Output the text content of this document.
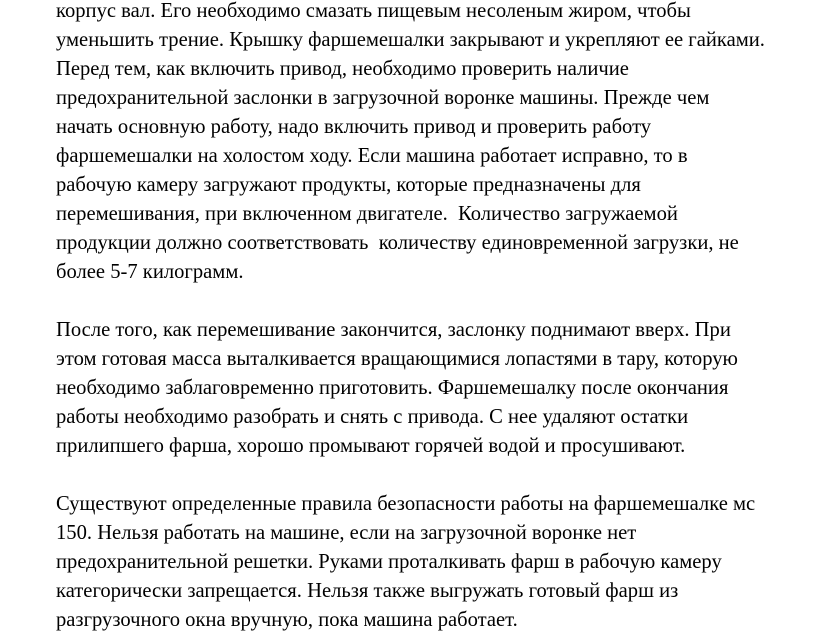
корпус вал. Его необходимо смазать пищевым несоленым жиром, чтобы
уменьшить трение. Крышку фаршемешалки закрывают и укрепляют ее гайками.
Перед тем, как включить привод, необходимо проверить наличие
предохранительной заслонки в загрузочной воронке машины. Прежде чем
начать основную работу, надо включить привод и проверить работу
фаршемешалки на холостом ходу. Если машина работает исправно, то в
рабочую камеру загружают продукты, которые предназначены для
перемешивания, при включенном двигателе.  Количество загружаемой
продукции должно соответствовать  количеству единовременной загрузки, не
более 5-7 килограмм.

После того, как перемешивание закончится, заслонку поднимают вверх. При
этом готовая масса выталкивается вращающимися лопастями в тару, которую
необходимо заблаговременно приготовить. Фаршемешалку после окончания
работы необходимо разобрать и снять с привода. С нее удаляют остатки
прилипшего фарша, хорошо промывают горячей водой и просушивают.

Существуют определенные правила безопасности работы на фаршемешалке мс
150. Нельзя работать на машине, если на загрузочной воронке нет
предохранительной решетки. Руками проталкивать фарш в рабочую камеру
категорически запрещается. Нельзя также выгружать готовый фарш из
разгрузочного окна вручную, пока машина работает.
